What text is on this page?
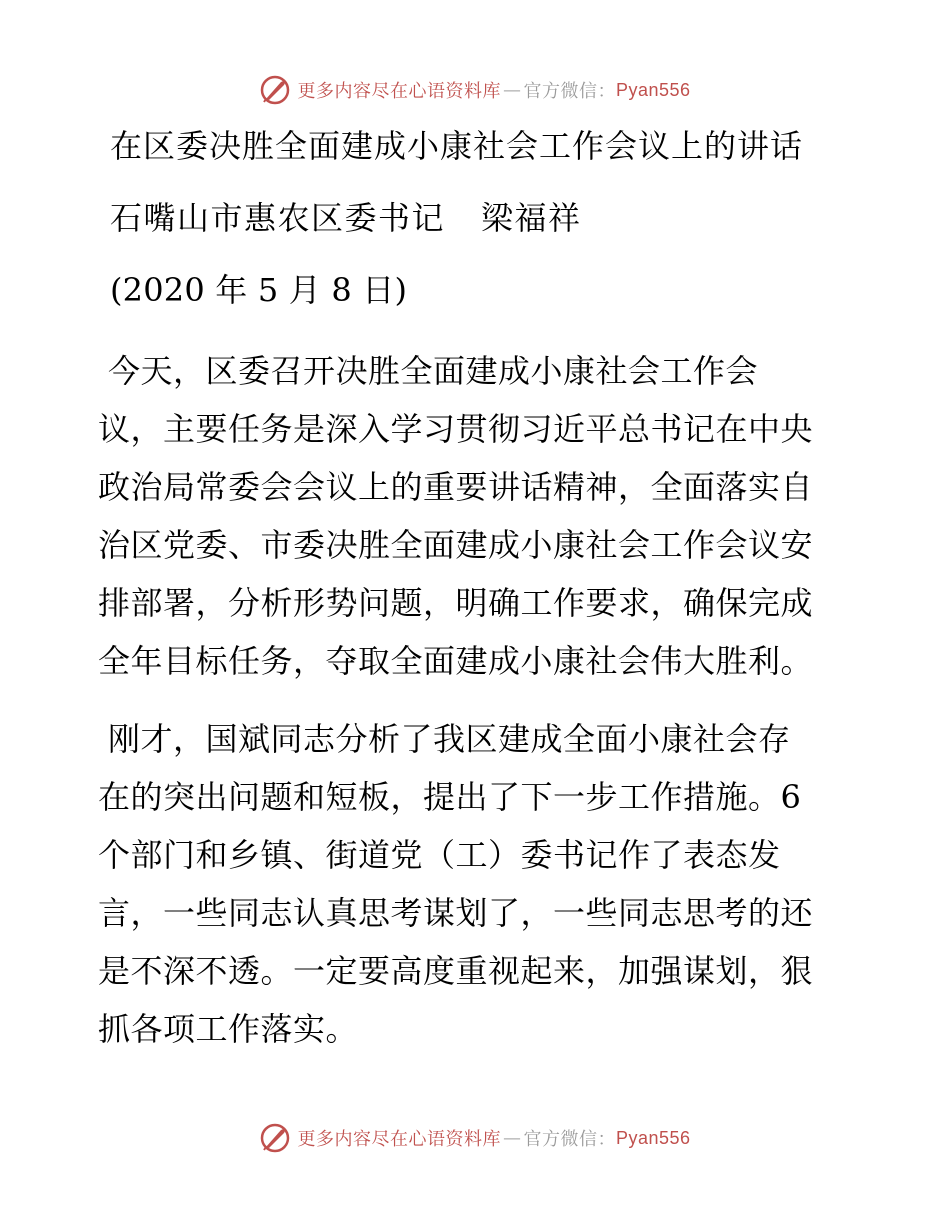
更多内容尽在心语资料库 — 官方微信： Pyan556
在区委决胜全面建成小康社会工作会议上的讲话
石嘴山市惠农区委书记 梁福祥
(2020 年 5 月 8 日)
今天，区委召开决胜全面建成小康社会工作会
议，主要任务是深入学习贯彻习近平总书记在中央
政治局常委会会议上的重要讲话精神，全面落实自
治区党委、市委决胜全面建成小康社会工作会议安
排部署，分析形势问题，明确工作要求，确保完成
全年目标任务，夺取全面建成小康社会伟大胜利。
刚才，国斌同志分析了我区建成全面小康社会存
在的突出问题和短板，提出了下一步工作措施。6
个部门和乡镇、街道党（工）委书记作了表态发
言，一些同志认真思考谋划了，一些同志思考的还
是不深不透。一定要高度重视起来，加强谋划，狠
抓各项工作落实。
更多内容尽在心语资料库 — 官方微信： Pyan556
